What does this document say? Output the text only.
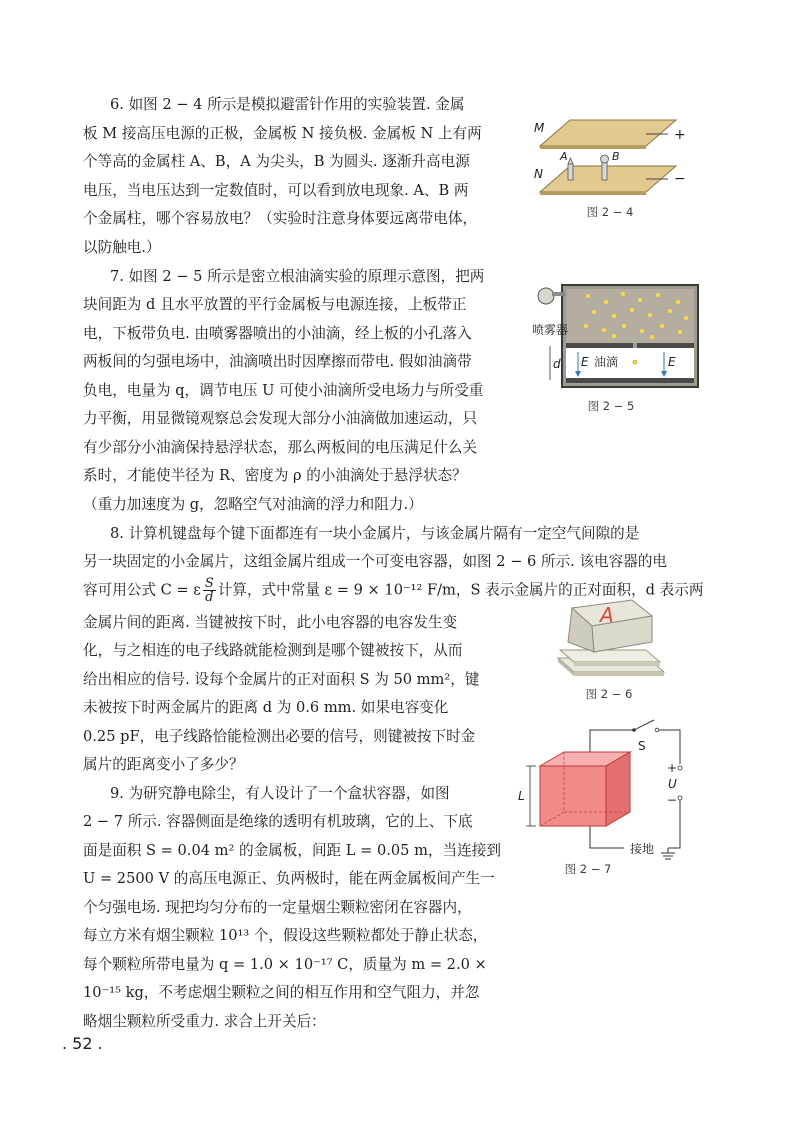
6. 如图 2 − 4 所示是模拟避雷针作用的实验装置. 金属
板 M 接高压电源的正极，金属板 N 接负极. 金属板 N 上有两
个等高的金属柱 A、B，A 为尖头，B 为圆头. 逐渐升高电源
电压，当电压达到一定数值时，可以看到放电现象. A、B 两
个金属柱，哪个容易放电？（实验时注意身体要远离带电体，
以防触电.）
+
M
−
N
A	B
图 2 − 4
7. 如图 2 − 5 所示是密立根油滴实验的原理示意图，把两
块间距为 d 且水平放置的平行金属板与电源连接，上板带正
电，下板带负电. 由喷雾器喷出的小油滴，经上板的小孔落入
两板间的匀强电场中，油滴喷出时因摩擦而带电. 假如油滴带
负电，电量为 q，调节电压 U 可使小油滴所受电场力与所受重
力平衡，用显微镜观察总会发现大部分小油滴做加速运动，只
有少部分小油滴保持悬浮状态，那么两板间的电压满足什么关
系时，才能使半径为 R、密度为 ρ 的小油滴处于悬浮状态？
（重力加速度为 g，忽略空气对油滴的浮力和阻力.）
喷雾器
E 油滴	E
d
图 2 − 5
8. 计算机键盘每个键下面都连有一块小金属片，与该金属片隔有一定空气间隙的是
另一块固定的小金属片，这组金属片组成一个可变电容器，如图 2 − 6 所示. 该电容器的电
容可用公式 C = ε $\frac{S}{d}$ 计算，式中常量 ε = 9 × 10⁻¹² F/m，S 表示金属片的正对面积，d 表示两
金属片间的距离. 当键被按下时，此小电容器的电容发生变
化，与之相连的电子线路就能检测到是哪个键被按下，从而
给出相应的信号. 设每个金属片的正对面积 S 为 50 mm²，键
未被按下时两金属片的距离 d 为 0.6 mm. 如果电容变化
0.25 pF，电子线路恰能检测出必要的信号，则键被按下时金
属片的距离变小了多少？
A
图 2 − 6
9. 为研究静电除尘，有人设计了一个盒状容器，如图
2 − 7 所示. 容器侧面是绝缘的透明有机玻璃，它的上、下底
面是面积 S = 0.04 m² 的金属板，间距 L = 0.05 m，当连接到
U = 2500 V 的高压电源正、负两极时，能在两金属板间产生一
个匀强电场. 现把均匀分布的一定量烟尘颗粒密闭在容器内，
每立方米有烟尘颗粒 10¹³ 个，假设这些颗粒都处于静止状态，
每个颗粒所带电量为 q = 1.0 × 10⁻¹⁷ C，质量为 m = 2.0 ×
10⁻¹⁵ kg，不考虑烟尘颗粒之间的相互作用和空气阻力，并忽
S
+
U
−
L
接地
图 2 − 7
略烟尘颗粒所受重力. 求合上开关后：
. 52 .
